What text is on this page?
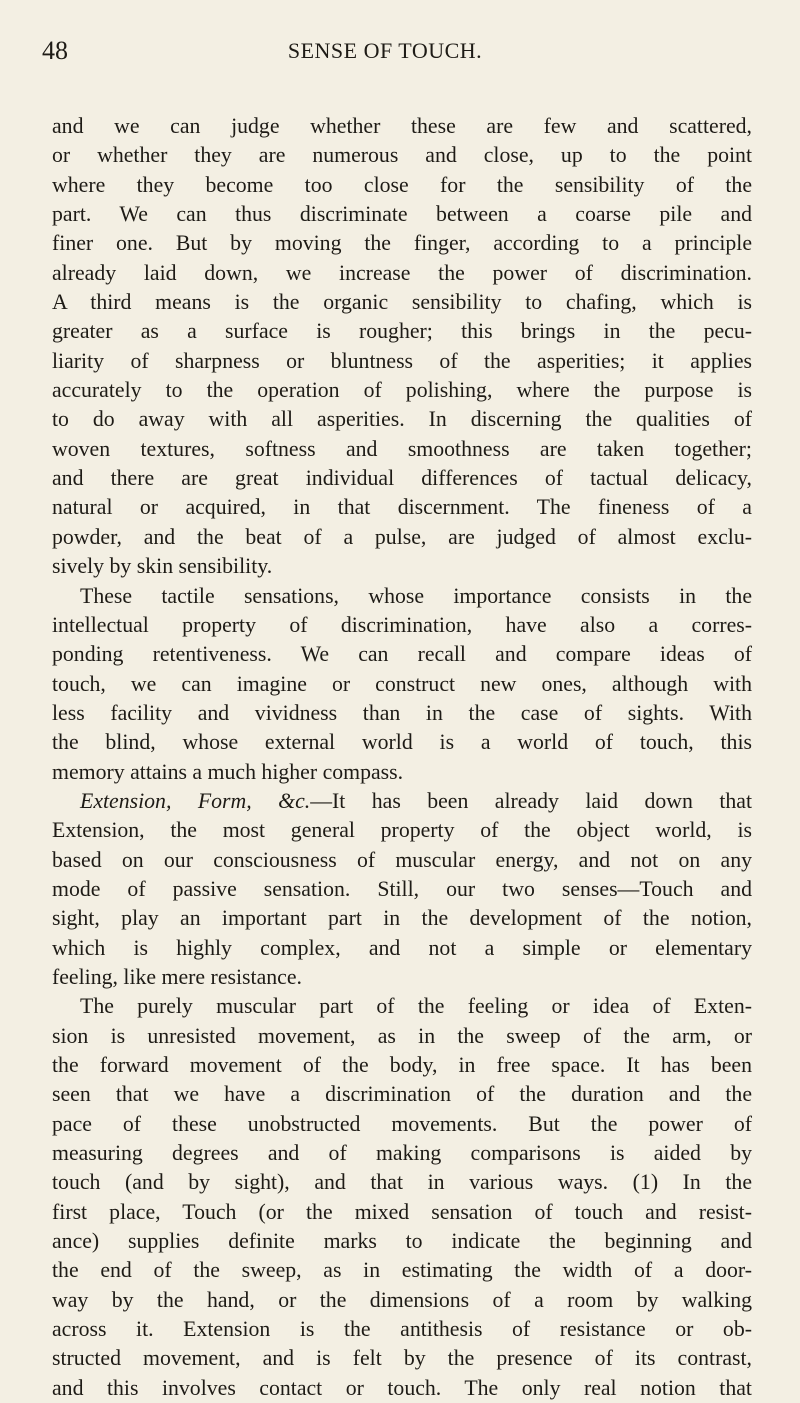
48	SENSE OF TOUCH.
and we can judge whether these are few and scattered,
or whether they are numerous and close, up to the point
where they become too close for the sensibility of the
part. We can thus discriminate between a coarse pile and
finer one. But by moving the finger, according to a principle
already laid down, we increase the power of discrimination.
A third means is the organic sensibility to chafing, which is
greater as a surface is rougher; this brings in the pecu-
liarity of sharpness or bluntness of the asperities; it applies
accurately to the operation of polishing, where the purpose is
to do away with all asperities. In discerning the qualities of
woven textures, softness and smoothness are taken together;
and there are great individual differences of tactual delicacy,
natural or acquired, in that discernment. The fineness of a
powder, and the beat of a pulse, are judged of almost exclu-
sively by skin sensibility.
These tactile sensations, whose importance consists in the
intellectual property of discrimination, have also a corres-
ponding retentiveness. We can recall and compare ideas of
touch, we can imagine or construct new ones, although with
less facility and vividness than in the case of sights. With
the blind, whose external world is a world of touch, this
memory attains a much higher compass.
Extension, Form, &c.—It has been already laid down that
Extension, the most general property of the object world, is
based on our consciousness of muscular energy, and not on any
mode of passive sensation. Still, our two senses—Touch and
sight, play an important part in the development of the notion,
which is highly complex, and not a simple or elementary
feeling, like mere resistance.
The purely muscular part of the feeling or idea of Exten-
sion is unresisted movement, as in the sweep of the arm, or
the forward movement of the body, in free space. It has been
seen that we have a discrimination of the duration and the
pace of these unobstructed movements. But the power of
measuring degrees and of making comparisons is aided by
touch (and by sight), and that in various ways. (1) In the
first place, Touch (or the mixed sensation of touch and resist-
ance) supplies definite marks to indicate the beginning and
the end of the sweep, as in estimating the width of a door-
way by the hand, or the dimensions of a room by walking
across it. Extension is the antithesis of resistance or ob-
structed movement, and is felt by the presence of its contrast,
and this involves contact or touch. The only real notion that
